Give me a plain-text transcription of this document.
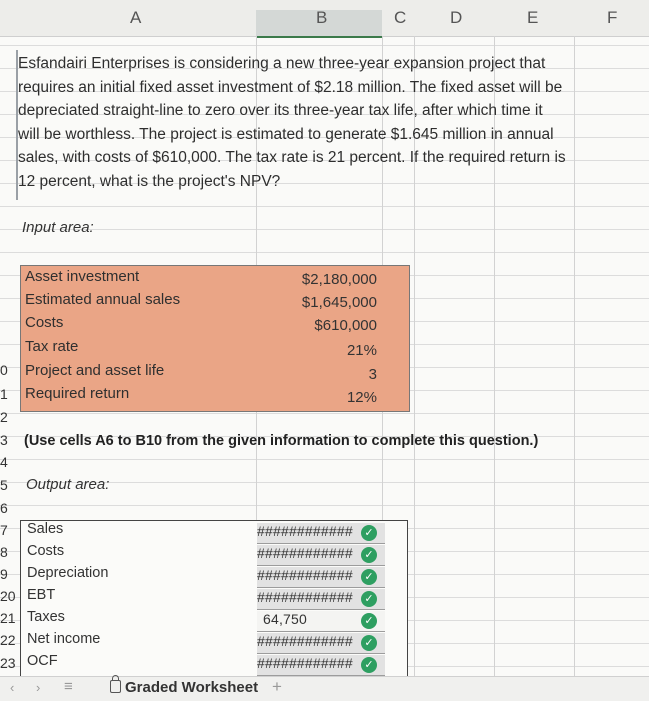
A	B	C	D	E	F
Esfandairi Enterprises is considering a new three-year expansion project that requires an initial fixed asset investment of $2.18 million. The fixed asset will be depreciated straight-line to zero over its three-year tax life, after which time it will be worthless. The project is estimated to generate $1.645 million in annual sales, with costs of $610,000. The tax rate is 21 percent. If the required return is 12 percent, what is the project's NPV?
Input area:
Asset investment	$2,180,000
Estimated annual sales	$1,645,000
Costs	$610,000
Tax rate	21%
Project and asset life	3
Required return	12%
0
1
2
3
4
5
6
7
8
9
20
21
22
23
(Use cells A6 to B10 from the given information to complete this question.)
Output area:
Sales	############	✓
Costs	############	✓
Depreciation	############	✓
EBT	############	✓
Taxes	64,750	✓
Net income	############	✓
OCF	############	✓
‹ › ≡	Graded Worksheet +
